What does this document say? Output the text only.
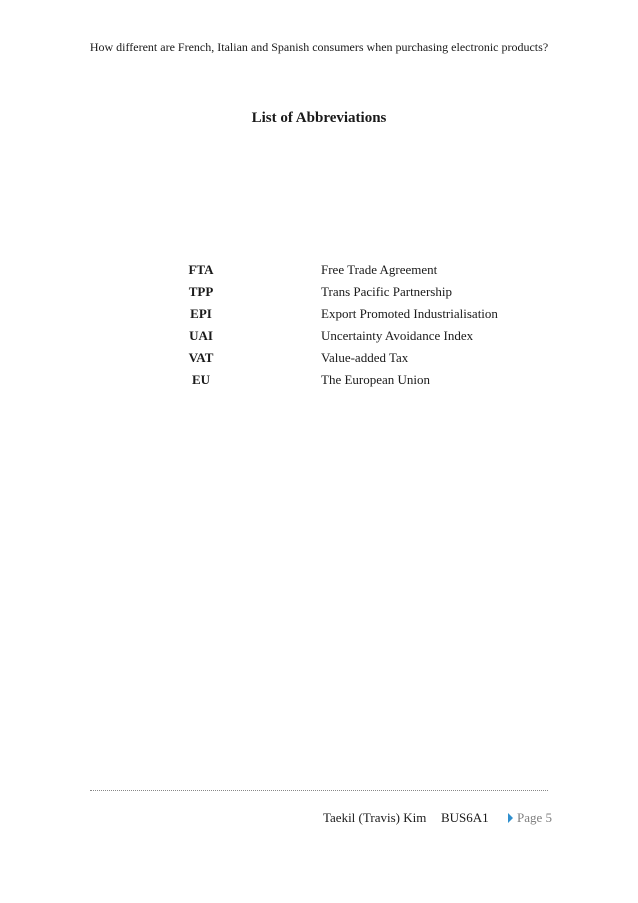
How different are French, Italian and Spanish consumers when purchasing electronic products?
List of Abbreviations
FTA	Free Trade Agreement
TPP	Trans Pacific Partnership
EPI	Export Promoted Industrialisation
UAI	Uncertainty Avoidance Index
VAT	Value-added Tax
EU	The European Union
Taekil (Travis) Kim BUS6A1	Page 5
